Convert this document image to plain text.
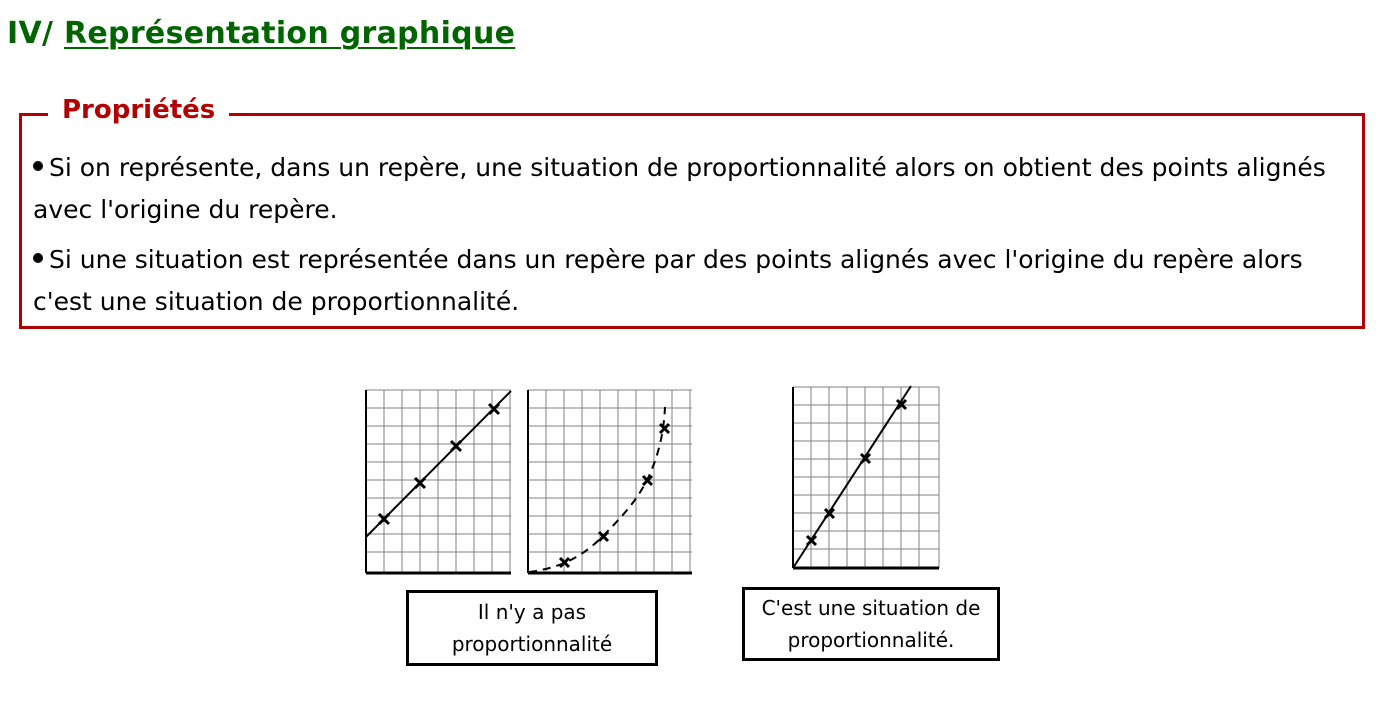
IV/ Représentation graphique
Propriétés
Si on représente, dans un repère, une situation de proportionnalité alors on obtient des points alignés avec l'origine du repère.
Si une situation est représentée dans un repère par des points alignés avec l'origine du repère alors c'est une situation de proportionnalité.
Il n'y a pas proportionnalité
C'est une situation de proportionnalité.
